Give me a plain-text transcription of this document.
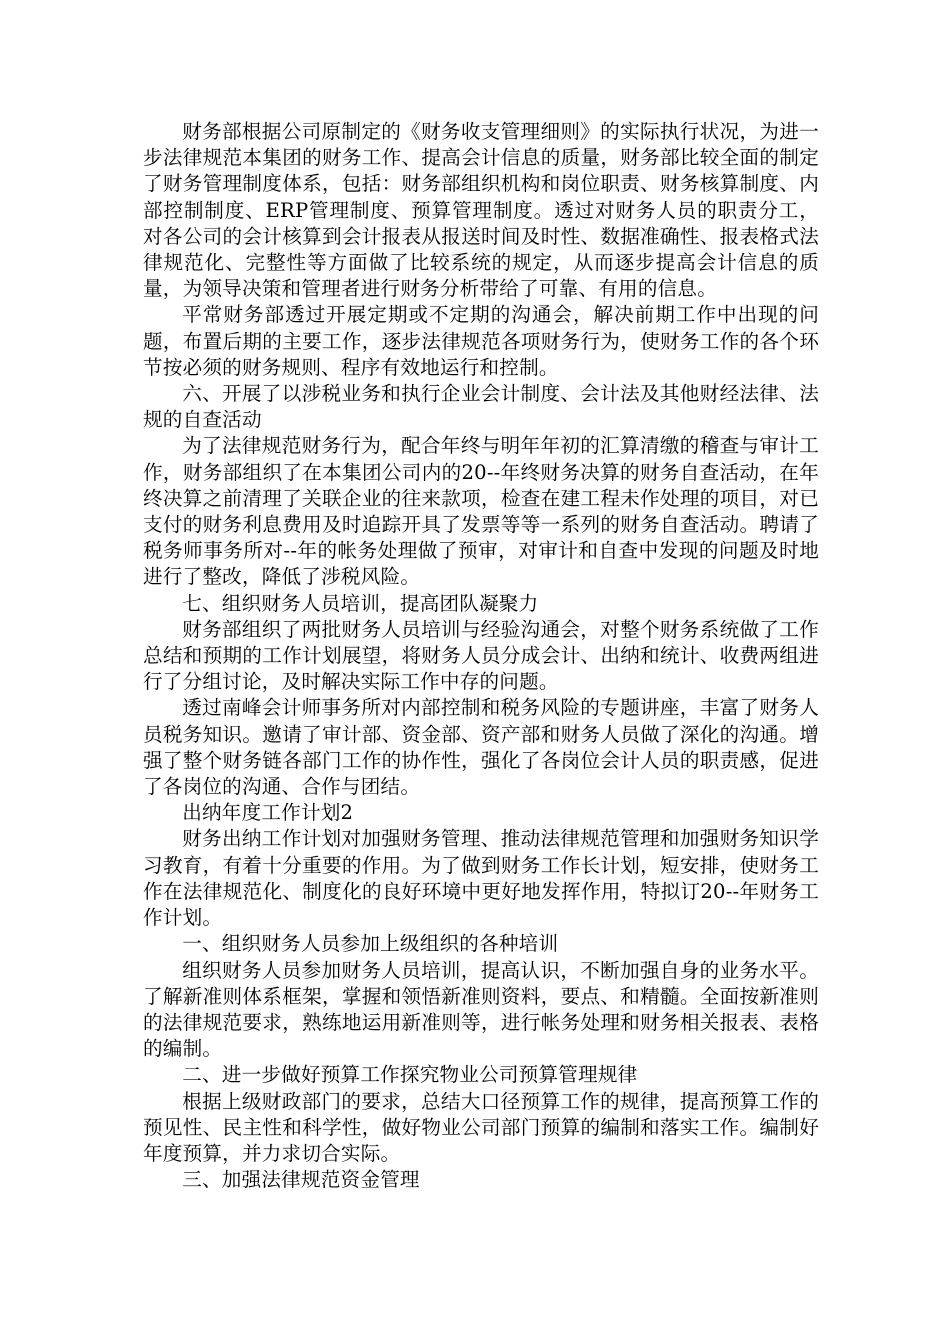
财务部根据公司原制定的《财务收支管理细则》的实际执行状况，为进一步法律规范本集团的财务工作、提高会计信息的质量，财务部比较全面的制定了财务管理制度体系，包括：财务部组织机构和岗位职责、财务核算制度、内部控制制度、ERP管理制度、预算管理制度。透过对财务人员的职责分工，对各公司的会计核算到会计报表从报送时间及时性、数据准确性、报表格式法律规范化、完整性等方面做了比较系统的规定，从而逐步提高会计信息的质量，为领导决策和管理者进行财务分析带给了可靠、有用的信息。

平常财务部透过开展定期或不定期的沟通会，解决前期工作中出现的问题，布置后期的主要工作，逐步法律规范各项财务行为，使财务工作的各个环节按必须的财务规则、程序有效地运行和控制。

六、开展了以涉税业务和执行企业会计制度、会计法及其他财经法律、法规的自查活动

为了法律规范财务行为，配合年终与明年年初的汇算清缴的稽查与审计工作，财务部组织了在本集团公司内的20--年终财务决算的财务自查活动，在年终决算之前清理了关联企业的往来款项，检查在建工程未作处理的项目，对已支付的财务利息费用及时追踪开具了发票等等一系列的财务自查活动。聘请了税务师事务所对--年的帐务处理做了预审，对审计和自查中发现的问题及时地进行了整改，降低了涉税风险。

七、组织财务人员培训，提高团队凝聚力

财务部组织了两批财务人员培训与经验沟通会，对整个财务系统做了工作总结和预期的工作计划展望，将财务人员分成会计、出纳和统计、收费两组进行了分组讨论，及时解决实际工作中存的问题。

透过南峰会计师事务所对内部控制和税务风险的专题讲座，丰富了财务人员税务知识。邀请了审计部、资金部、资产部和财务人员做了深化的沟通。增强了整个财务链各部门工作的协作性，强化了各岗位会计人员的职责感，促进了各岗位的沟通、合作与团结。

出纳年度工作计划2

财务出纳工作计划对加强财务管理、推动法律规范管理和加强财务知识学习教育，有着十分重要的作用。为了做到财务工作长计划，短安排，使财务工作在法律规范化、制度化的良好环境中更好地发挥作用，特拟订20--年财务工作计划。

一、组织财务人员参加上级组织的各种培训

组织财务人员参加财务人员培训，提高认识，不断加强自身的业务水平。了解新准则体系框架，掌握和领悟新准则资料，要点、和精髓。全面按新准则的法律规范要求，熟练地运用新准则等，进行帐务处理和财务相关报表、表格的编制。

二、进一步做好预算工作探究物业公司预算管理规律

根据上级财政部门的要求，总结大口径预算工作的规律，提高预算工作的预见性、民主性和科学性，做好物业公司部门预算的编制和落实工作。编制好年度预算，并力求切合实际。

三、加强法律规范资金管理
